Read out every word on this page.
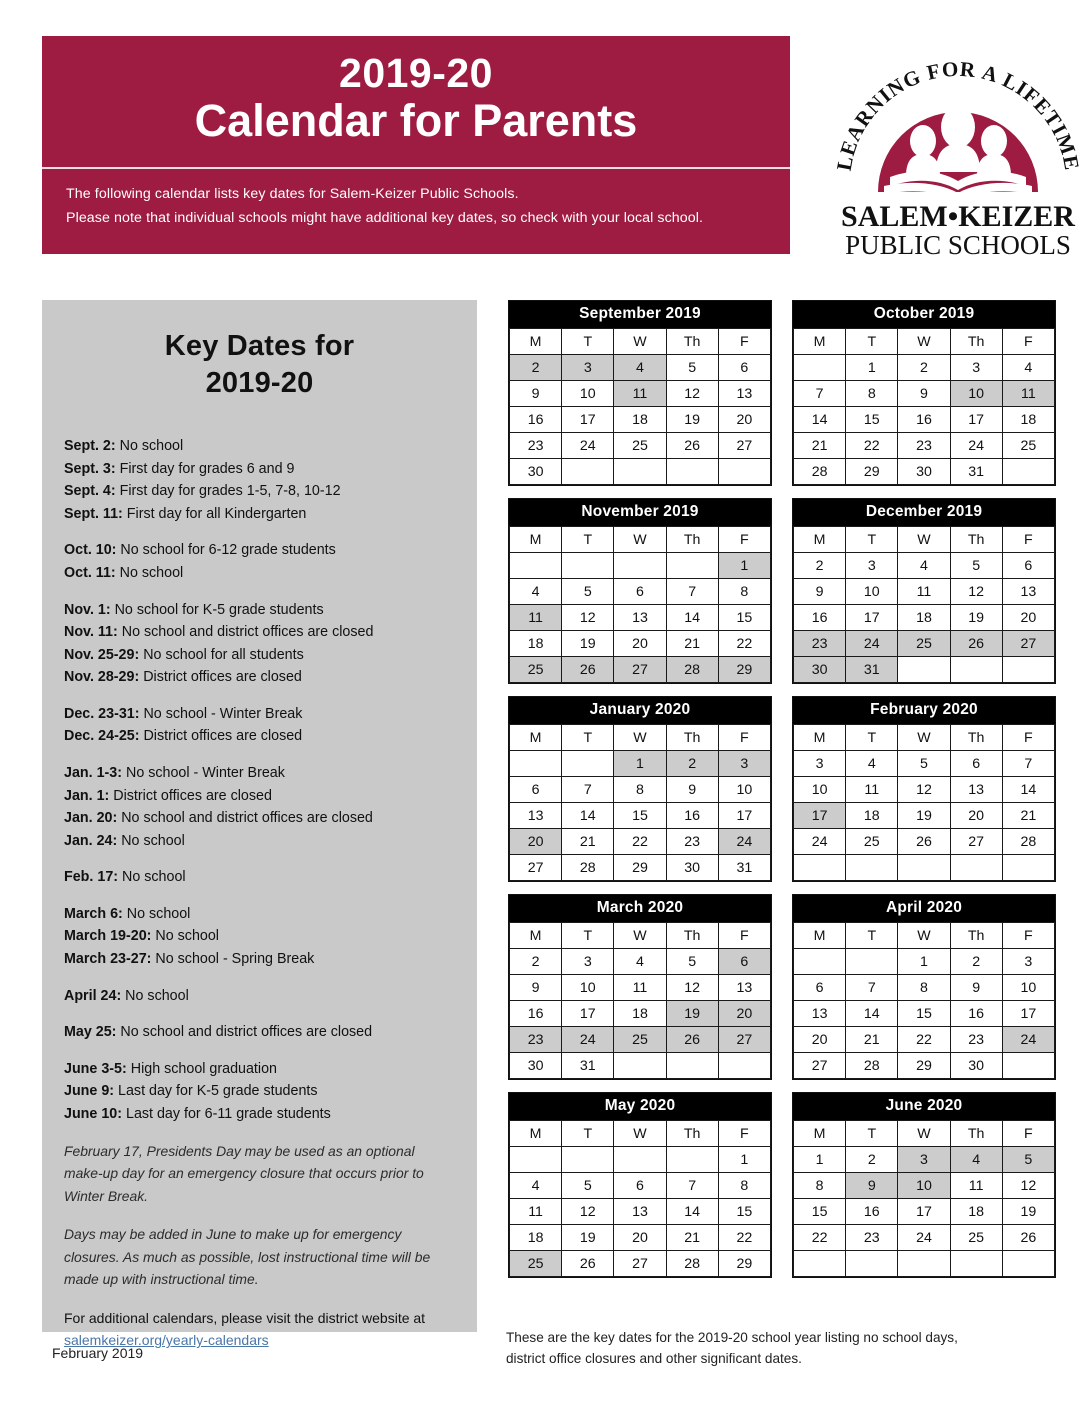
2019-20
Calendar for Parents
The following calendar lists key dates for Salem-Keizer Public Schools.
Please note that individual schools might have additional key dates, so check with your local school.
LEARNING FOR A LIFETIME
SALEM•KEIZER
PUBLIC SCHOOLS
Key Dates for
2019-20
Sept. 2: No school
Sept. 3: First day for grades 6 and 9
Sept. 4: First day for grades 1-5, 7-8, 10-12
Sept. 11: First day for all Kindergarten
Oct. 10: No school for 6-12 grade students
Oct. 11: No school
Nov. 1: No school for K-5 grade students
Nov. 11: No school and district offices are closed
Nov. 25-29: No school for all students
Nov. 28-29: District offices are closed
Dec. 23-31: No school - Winter Break
Dec. 24-25: District offices are closed
Jan. 1-3: No school - Winter Break
Jan. 1: District offices are closed
Jan. 20: No school and district offices are closed
Jan. 24: No school
Feb. 17: No school
March 6: No school
March 19-20: No school
March 23-27: No school - Spring Break
April 24: No school
May 25: No school and district offices are closed
June 3-5: High school graduation
June 9: Last day for K-5 grade students
June 10: Last day for 6-11 grade students
February 17, Presidents Day may be used as an optional make-up day for an emergency closure that occurs prior to Winter Break.
Days may be added in June to make up for emergency closures. As much as possible, lost instructional time will be made up with instructional time.
For additional calendars, please visit the district website at salemkeizer.org/yearly-calendars
September 2019
M	T	W	Th	F
2	3	4	5	6
9	10	11	12	13
16	17	18	19	20
23	24	25	26	27
30				
October 2019
M	T	W	Th	F
	1	2	3	4
7	8	9	10	11
14	15	16	17	18
21	22	23	24	25
28	29	30	31	
November 2019
M	T	W	Th	F
				1
4	5	6	7	8
11	12	13	14	15
18	19	20	21	22
25	26	27	28	29
December 2019
M	T	W	Th	F
2	3	4	5	6
9	10	11	12	13
16	17	18	19	20
23	24	25	26	27
30	31			
January 2020
M	T	W	Th	F
		1	2	3
6	7	8	9	10
13	14	15	16	17
20	21	22	23	24
27	28	29	30	31
February 2020
M	T	W	Th	F
3	4	5	6	7
10	11	12	13	14
17	18	19	20	21
24	25	26	27	28

March 2020
M	T	W	Th	F
2	3	4	5	6
9	10	11	12	13
16	17	18	19	20
23	24	25	26	27
30	31			
April 2020
M	T	W	Th	F
		1	2	3
6	7	8	9	10
13	14	15	16	17
20	21	22	23	24
27	28	29	30	
May 2020
M	T	W	Th	F
				1
4	5	6	7	8
11	12	13	14	15
18	19	20	21	22
25	26	27	28	29
June 2020
M	T	W	Th	F
1	2	3	4	5
8	9	10	11	12
15	16	17	18	19
22	23	24	25	26

February 2019
These are the key dates for the 2019-20 school year listing no school days,
district office closures and other significant dates.
